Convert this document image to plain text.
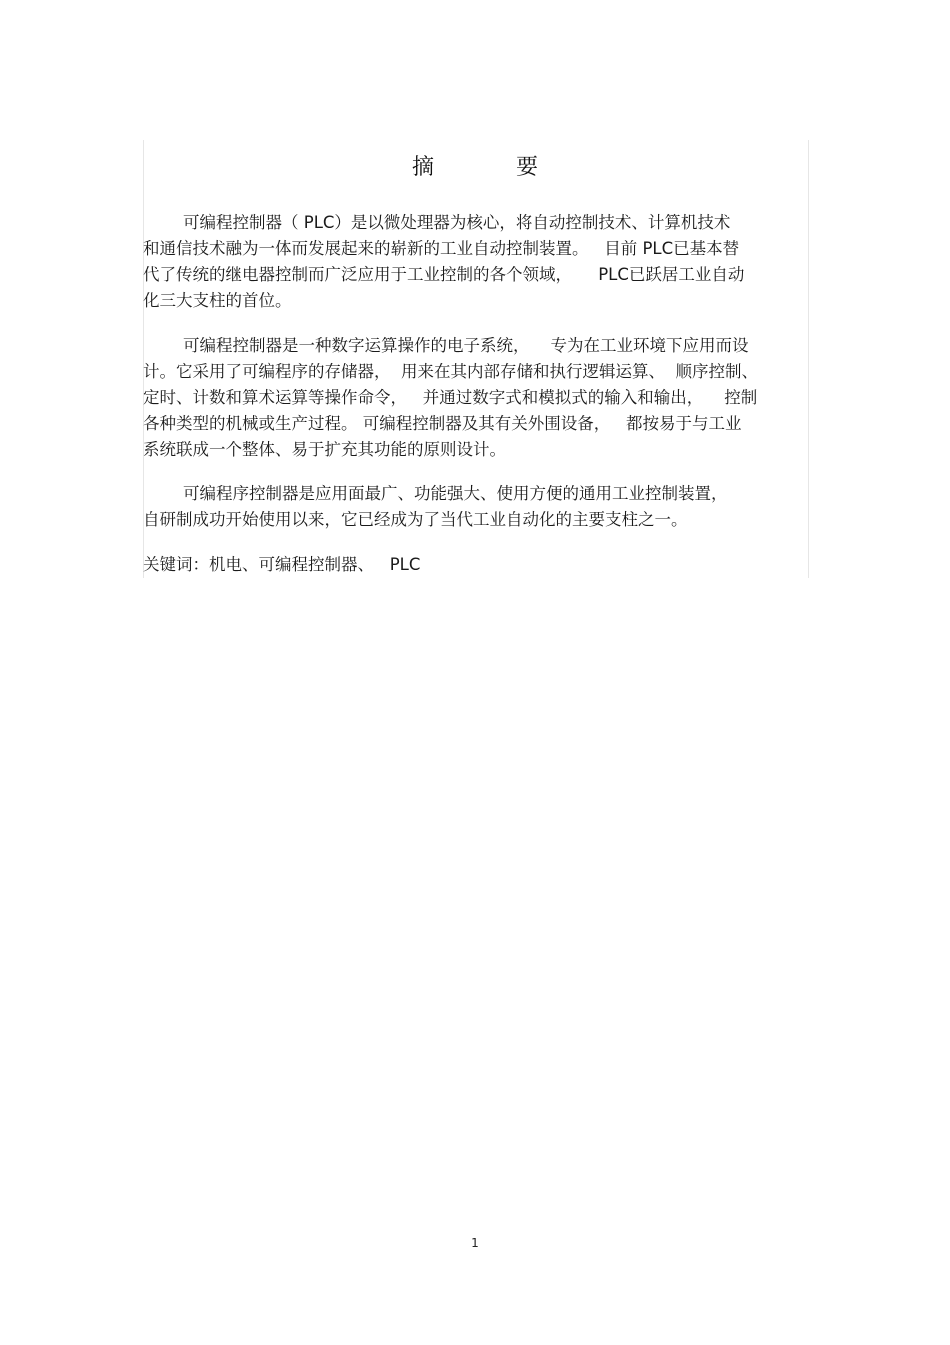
摘　要
可编程控制器（ PLC）是以微处理器为核心，将自动控制技术、计算机技术
和通信技术融为一体而发展起来的崭新的工业自动控制装置。   目前 PLC已基本替
代了传统的继电器控制而广泛应用于工业控制的各个领域，     PLC已跃居工业自动
化三大支柱的首位。
可编程控制器是一种数字运算操作的电子系统，    专为在工业环境下应用而设
计。它采用了可编程序的存储器，  用来在其内部存储和执行逻辑运算、  顺序控制、
定时、计数和算术运算等操作命令，   并通过数字式和模拟式的输入和输出，    控制
各种类型的机械或生产过程。 可编程控制器及其有关外围设备，   都按易于与工业
系统联成一个整体、易于扩充其功能的原则设计。
可编程序控制器是应用面最广、功能强大、使用方便的通用工业控制装置，
自研制成功开始使用以来，它已经成为了当代工业自动化的主要支柱之一。
关键词：机电、可编程控制器、   PLC
1
